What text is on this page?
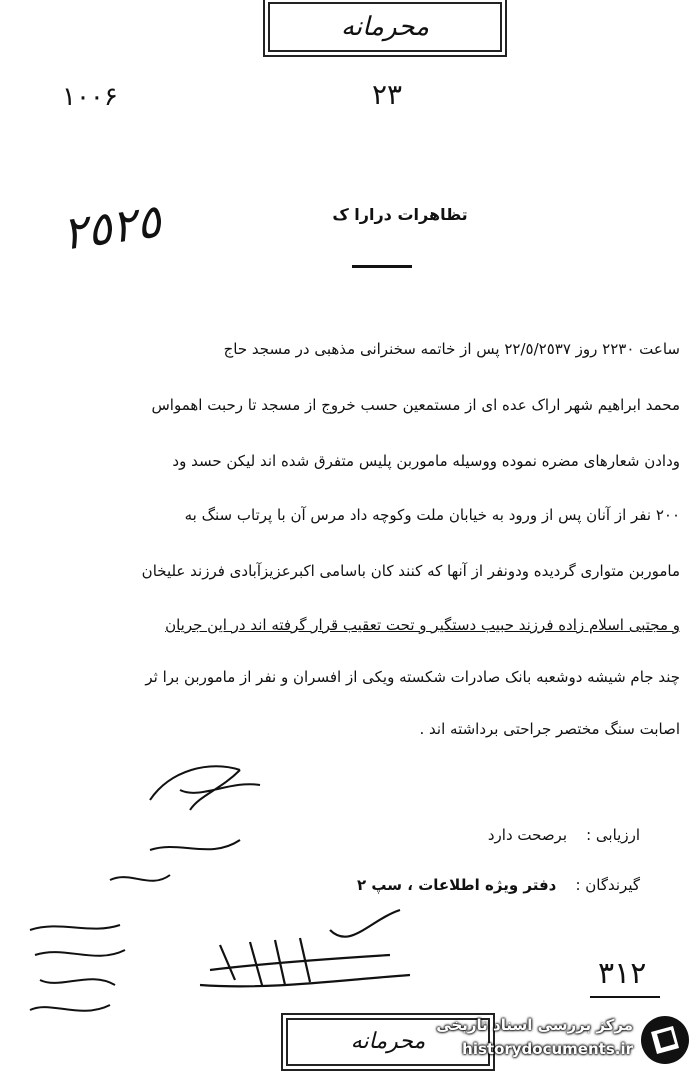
محرمانه
١٠٠۶	٢٣
٢٥٢٥	تظاهرات درارا ک
ساعت ٢٢٣٠ روز ٢٢/٥/٢٥٣٧ پس از خاتمه سخنرانی مذهبی در مسجد حاج
محمد ابراهیم شهر اراک عده ای از مستمعین حسب خروج از مسجد تا رحبت اهمواس
ودادن شعارهای مضره نموده ووسیله ماموربن پلیس متفرق شده اند لیکن حسد ود
٢٠٠ نفر از آنان پس از ورود به خیابان ملت وکوچه داد مرس آن با پرتاب سنگ به
ماموربن متواری گردیده ودونفر از آنها که کنند کان باسامی اکبرعزیزآبادی فرزند علیخان
و مجتبی اسلام زاده فرزند حبیب دستگیر و تحت تعقیب قرار گرفته اند در این جریان
چند جام شیشه دوشعبه بانک صادرات شکسته ویکی از افسران و نفر از ماموربن برا ثر
اصابت سنگ مختصر جراحتی برداشته اند .
ارزیابی :    برصحت دارد
گیرندگان :    دفتر ویژه اطلاعات ، سپ ٢
٣١٢
محرمانه
مرکز بررسی اسناد تاریخی
historydocuments.ir
